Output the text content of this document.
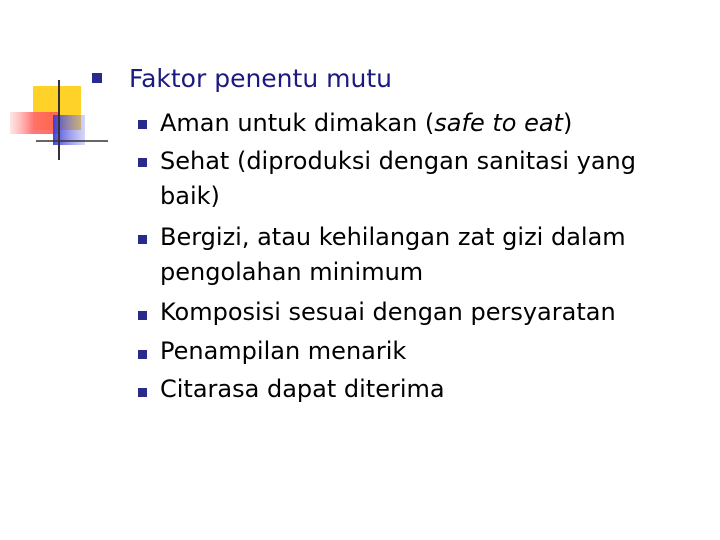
Faktor penentu mutu
Aman untuk dimakan (safe to eat)
Sehat (diproduksi dengan sanitasi yang
baik)
Bergizi, atau kehilangan zat gizi dalam
pengolahan minimum
Komposisi sesuai dengan persyaratan
Penampilan menarik
Citarasa dapat diterima
